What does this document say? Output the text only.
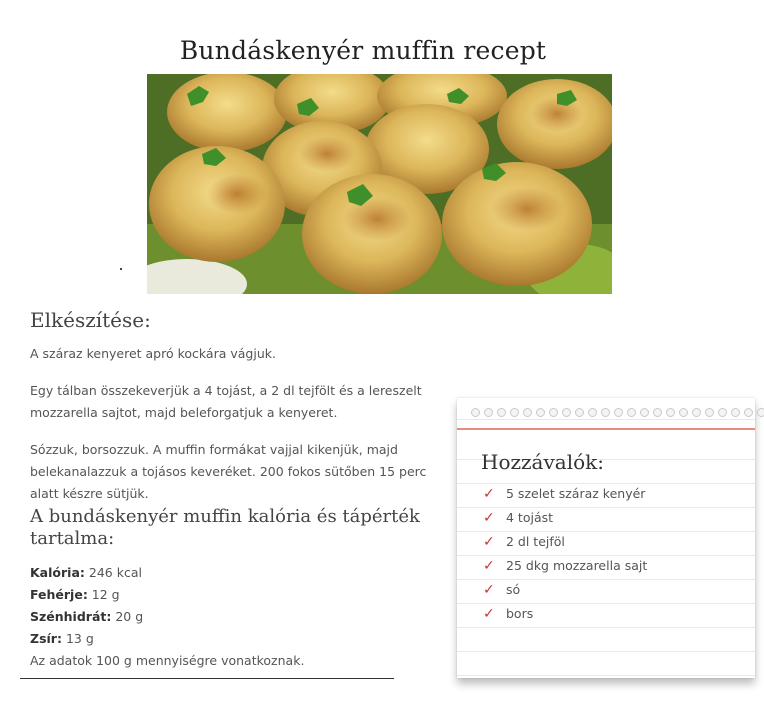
Bundáskenyér muffin recept
Elkészítése:
A száraz kenyeret apró kockára vágjuk.
Egy tálban összekeverjük a 4 tojást, a 2 dl tejfölt és a lereszelt mozzarella sajtot, majd beleforgatjuk a kenyeret.
Sózzuk, borsozzuk. A muffin formákat vajjal kikenjük, majd belekanalazzuk a tojásos keveréket. 200 fokos sütőben 15 perc alatt készre sütjük.
A bundáskenyér muffin kalória és tápérték tartalma:
Kalória: 246 kcal
Fehérje: 12 g
Szénhidrát: 20 g
Zsír: 13 g
Az adatok 100 g mennyiségre vonatkoznak.
Hozzávalók:
✓ 5 szelet száraz kenyér
✓ 4 tojást
✓ 2 dl tejföl
✓ 25 dkg mozzarella sajt
✓ só
✓ bors
